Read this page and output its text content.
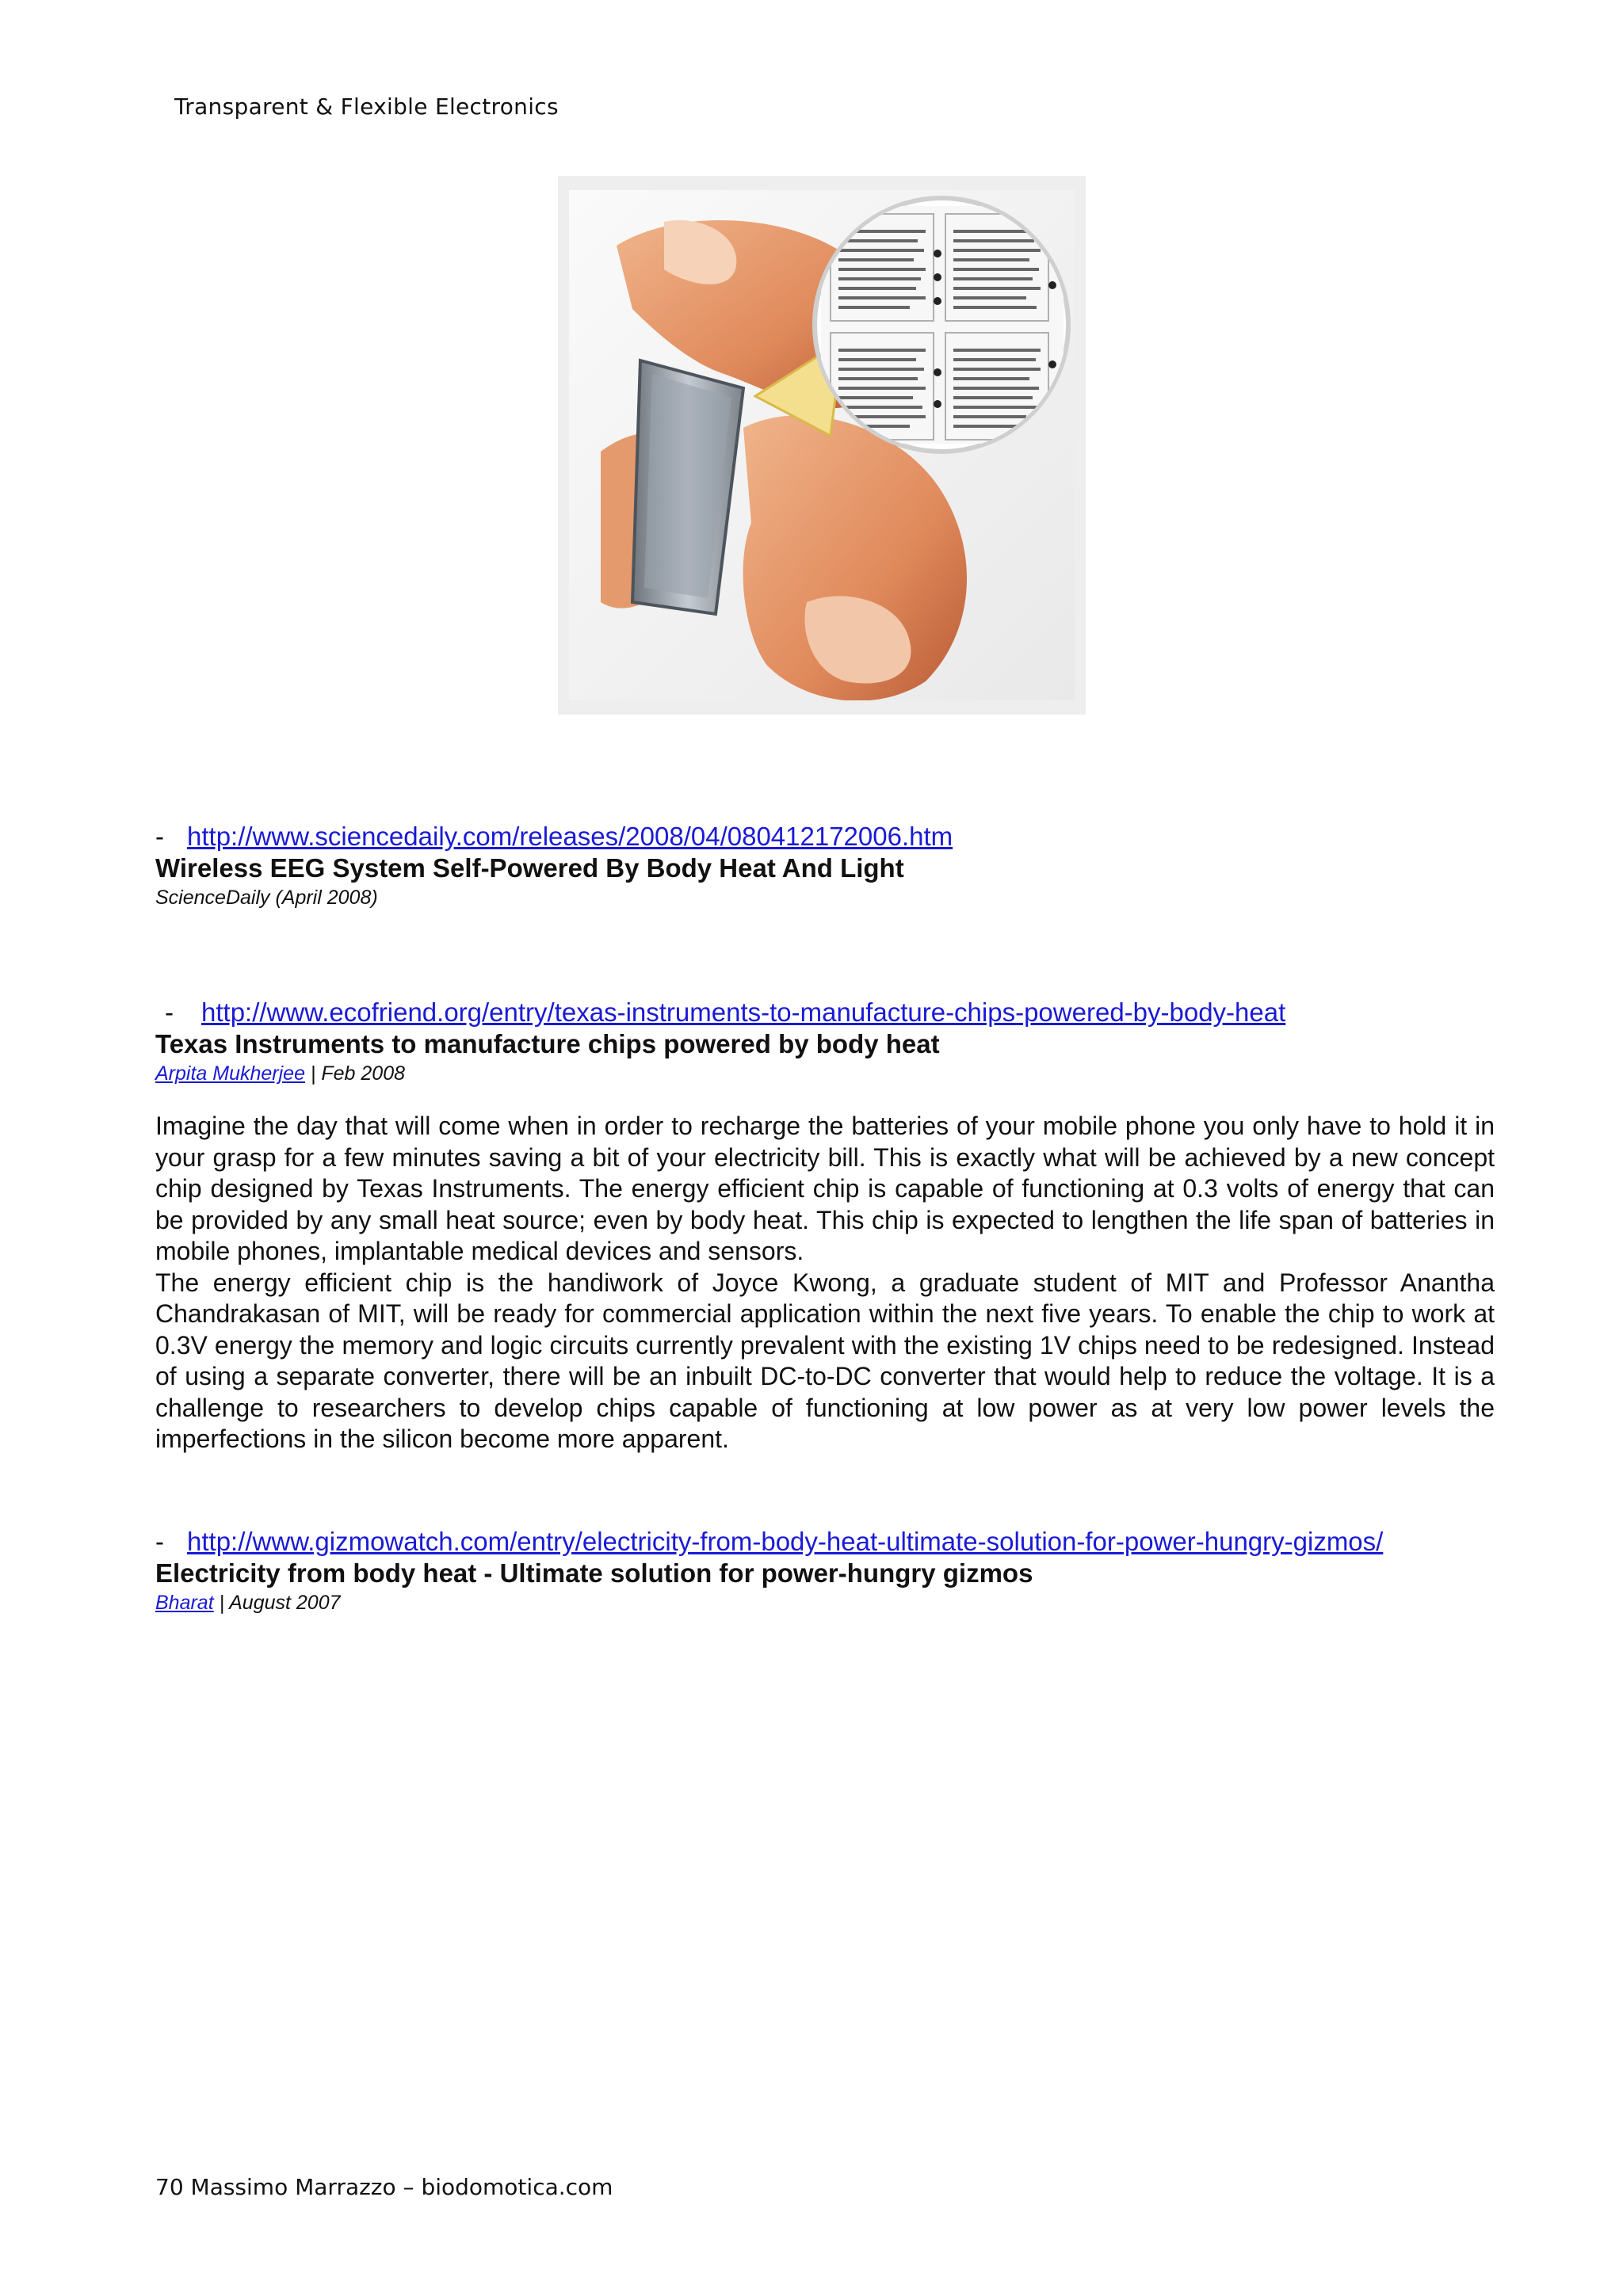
Transparent & Flexible Electronics
- http://www.sciencedaily.com/releases/2008/04/080412172006.htm
Wireless EEG System Self-Powered By Body Heat And Light
ScienceDaily (April 2008)
- http://www.ecofriend.org/entry/texas-instruments-to-manufacture-chips-powered-by-body-heat
Texas Instruments to manufacture chips powered by body heat
Arpita Mukherjee | Feb 2008

Imagine the day that will come when in order to recharge the batteries of your mobile phone you only have to hold it in your grasp for a few minutes saving a bit of your electricity bill. This is exactly what will be achieved by a new concept chip designed by Texas Instruments. The energy efficient chip is capable of functioning at 0.3 volts of energy that can be provided by any small heat source; even by body heat. This chip is expected to lengthen the life span of batteries in mobile phones, implantable medical devices and sensors.

The energy efficient chip is the handiwork of Joyce Kwong, a graduate student of MIT and Professor Anantha Chandrakasan of MIT, will be ready for commercial application within the next five years. To enable the chip to work at 0.3V energy the memory and logic circuits currently prevalent with the existing 1V chips need to be redesigned. Instead of using a separate converter, there will be an inbuilt DC-to-DC converter that would help to reduce the voltage. It is a challenge to researchers to develop chips capable of functioning at low power as at very low power levels the imperfections in the silicon become more apparent.

- http://www.gizmowatch.com/entry/electricity-from-body-heat-ultimate-solution-for-power-hungry-gizmos/
Electricity from body heat - Ultimate solution for power-hungry gizmos
Bharat | August 2007
70 Massimo Marrazzo – biodomotica.com
